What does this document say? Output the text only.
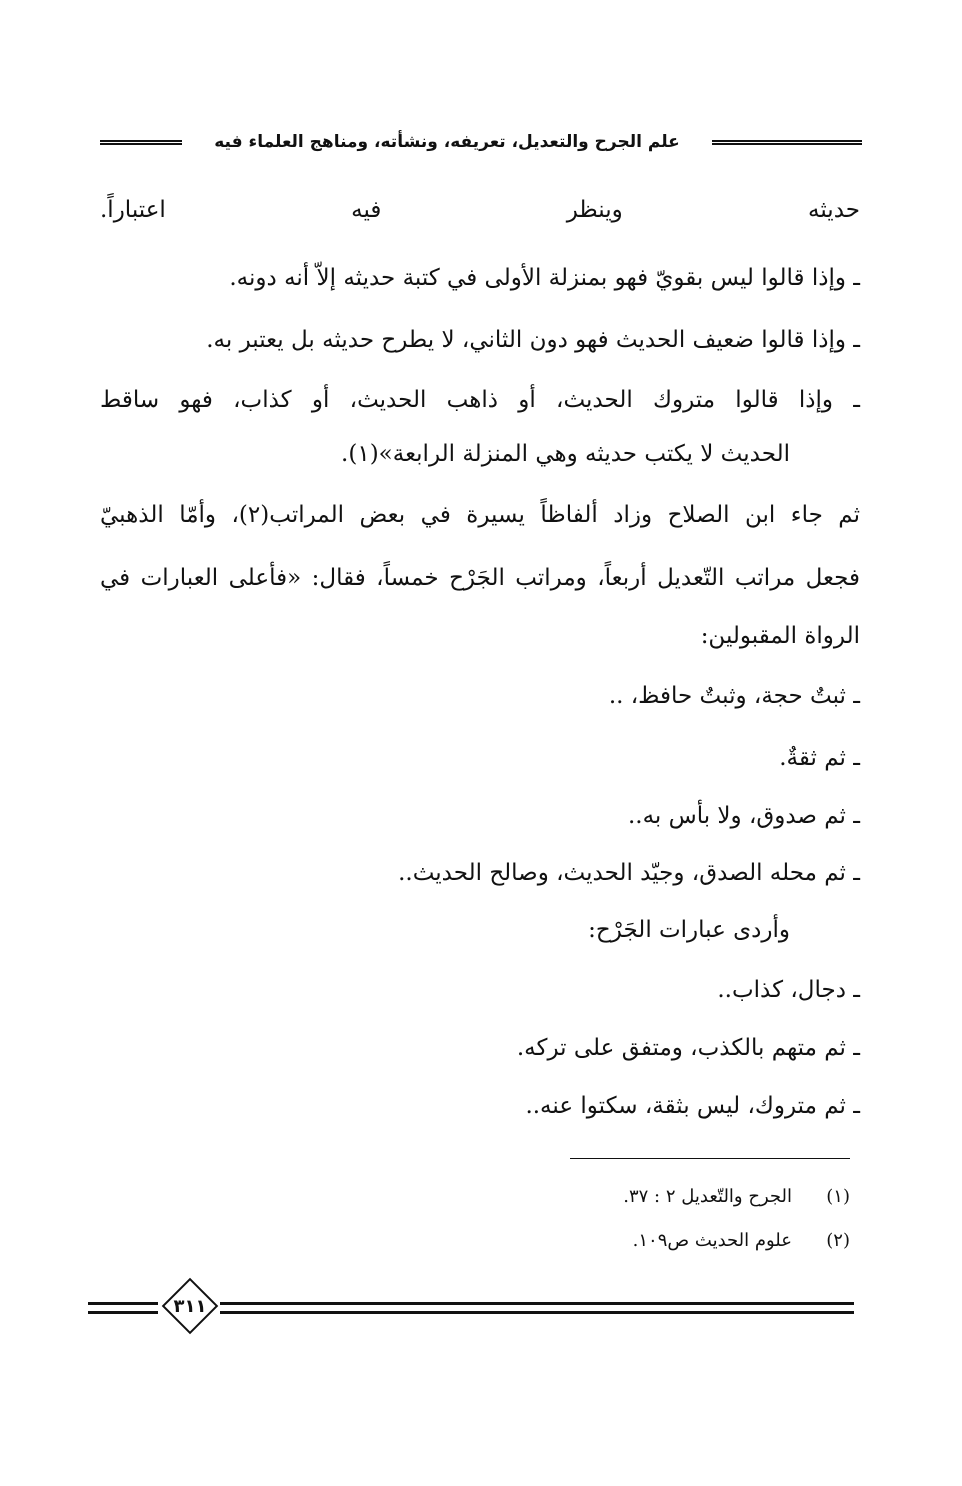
علم الجرح والتعديل، تعريفه، ونشأته، ومناهج العلماء فيه
حديثه وينظر فيه اعتباراً.
ـ وإذا قالوا ليس بقويّ فهو بمنزلة الأولى في كتبة حديثه إلاّ أنه دونه.
ـ وإذا قالوا ضعيف الحديث فهو دون الثاني، لا يطرح حديثه بل يعتبر به.
ـ وإذا قالوا متروك الحديث، أو ذاهب الحديث، أو كذاب، فهو ساقط
الحديث لا يكتب حديثه وهي المنزلة الرابعة»(١).
ثم جاء ابن الصلاح وزاد ألفاظاً يسيرة في بعض المراتب(٢)، وأمّا الذهبيّ
فجعل مراتب التّعديل أربعاً، ومراتب الجَرْح خمساً، فقال: «فأعلى العبارات في
الرواة المقبولين:
ـ ثبتٌ حجة، وثبتٌ حافظ، ..
ـ ثم ثقةٌ.
ـ ثم صدوق، ولا بأس به..
ـ ثم محله الصدق، وجيّد الحديث، وصالح الحديث..
وأردى عبارات الجَرْح:
ـ دجال، كذاب..
ـ ثم متهم بالكذب، ومتفق على تركه.
ـ ثم متروك، ليس بثقة، سكتوا عنه..
(١)الجرح والتّعديل ٢ : ٣٧.
(٢)علوم الحديث ص١٠٩.
٣١١
